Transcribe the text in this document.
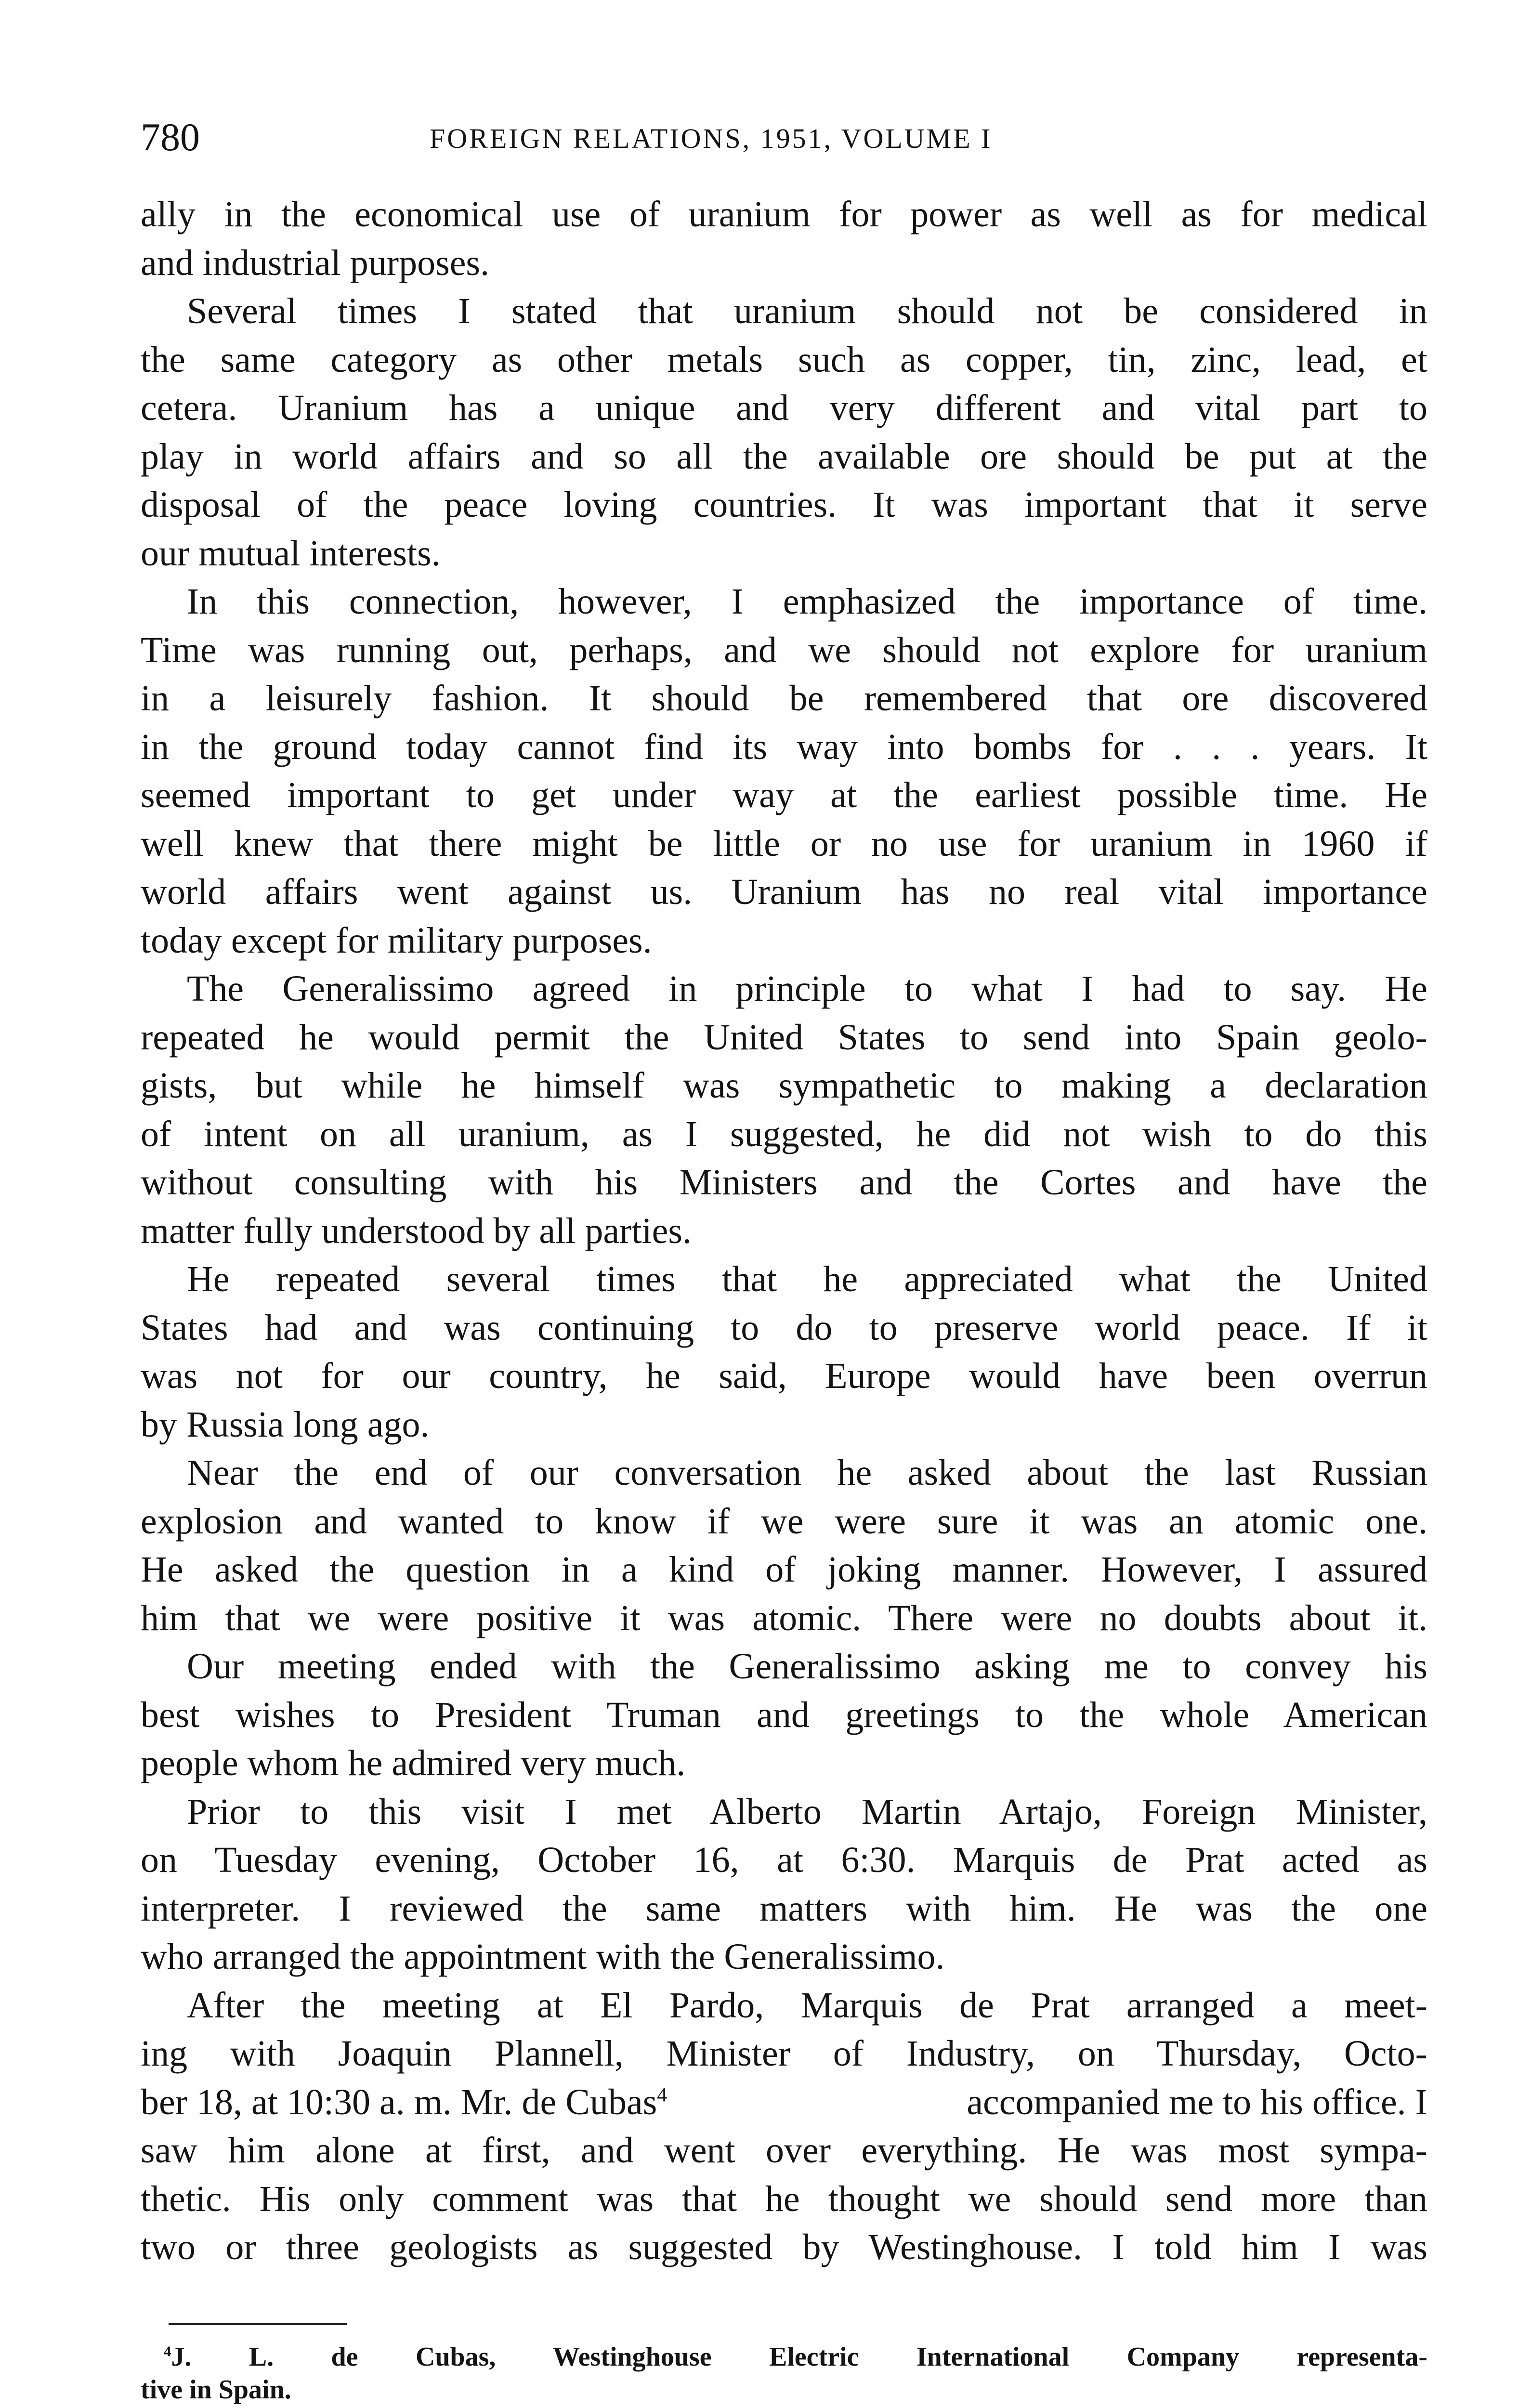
780	FOREIGN RELATIONS, 1951, VOLUME I
ally in the economical use of uranium for power as well as for medical
and industrial purposes.
Several times I stated that uranium should not be considered in
the same category as other metals such as copper, tin, zinc, lead, et
cetera. Uranium has a unique and very different and vital part to
play in world affairs and so all the available ore should be put at the
disposal of the peace loving countries. It was important that it serve
our mutual interests.
In this connection, however, I emphasized the importance of time.
Time was running out, perhaps, and we should not explore for uranium
in a leisurely fashion. It should be remembered that ore discovered
in the ground today cannot find its way into bombs for . . . years. It
seemed important to get under way at the earliest possible time. He
well knew that there might be little or no use for uranium in 1960 if
world affairs went against us. Uranium has no real vital importance
today except for military purposes.
The Generalissimo agreed in principle to what I had to say. He
repeated he would permit the United States to send into Spain geolo-
gists, but while he himself was sympathetic to making a declaration
of intent on all uranium, as I suggested, he did not wish to do this
without consulting with his Ministers and the Cortes and have the
matter fully understood by all parties.
He repeated several times that he appreciated what the United
States had and was continuing to do to preserve world peace. If it
was not for our country, he said, Europe would have been overrun
by Russia long ago.
Near the end of our conversation he asked about the last Russian
explosion and wanted to know if we were sure it was an atomic one.
He asked the question in a kind of joking manner. However, I assured
him that we were positive it was atomic. There were no doubts about it.
Our meeting ended with the Generalissimo asking me to convey his
best wishes to President Truman and greetings to the whole American
people whom he admired very much.
Prior to this visit I met Alberto Martin Artajo, Foreign Minister,
on Tuesday evening, October 16, at 6:30. Marquis de Prat acted as
interpreter. I reviewed the same matters with him. He was the one
who arranged the appointment with the Generalissimo.
After the meeting at El Pardo, Marquis de Prat arranged a meet-
ing with Joaquin Plannell, Minister of Industry, on Thursday, Octo-
ber 18, at 10:30 a. m. Mr. de Cubas$^4$	accompanied me to his office. I
saw him alone at first, and went over everything. He was most sympa-
thetic. His only comment was that he thought we should send more than
two or three geologists as suggested by Westinghouse. I told him I was
$^4$J. L. de Cubas, Westinghouse Electric International Company representa-
tive in Spain.
